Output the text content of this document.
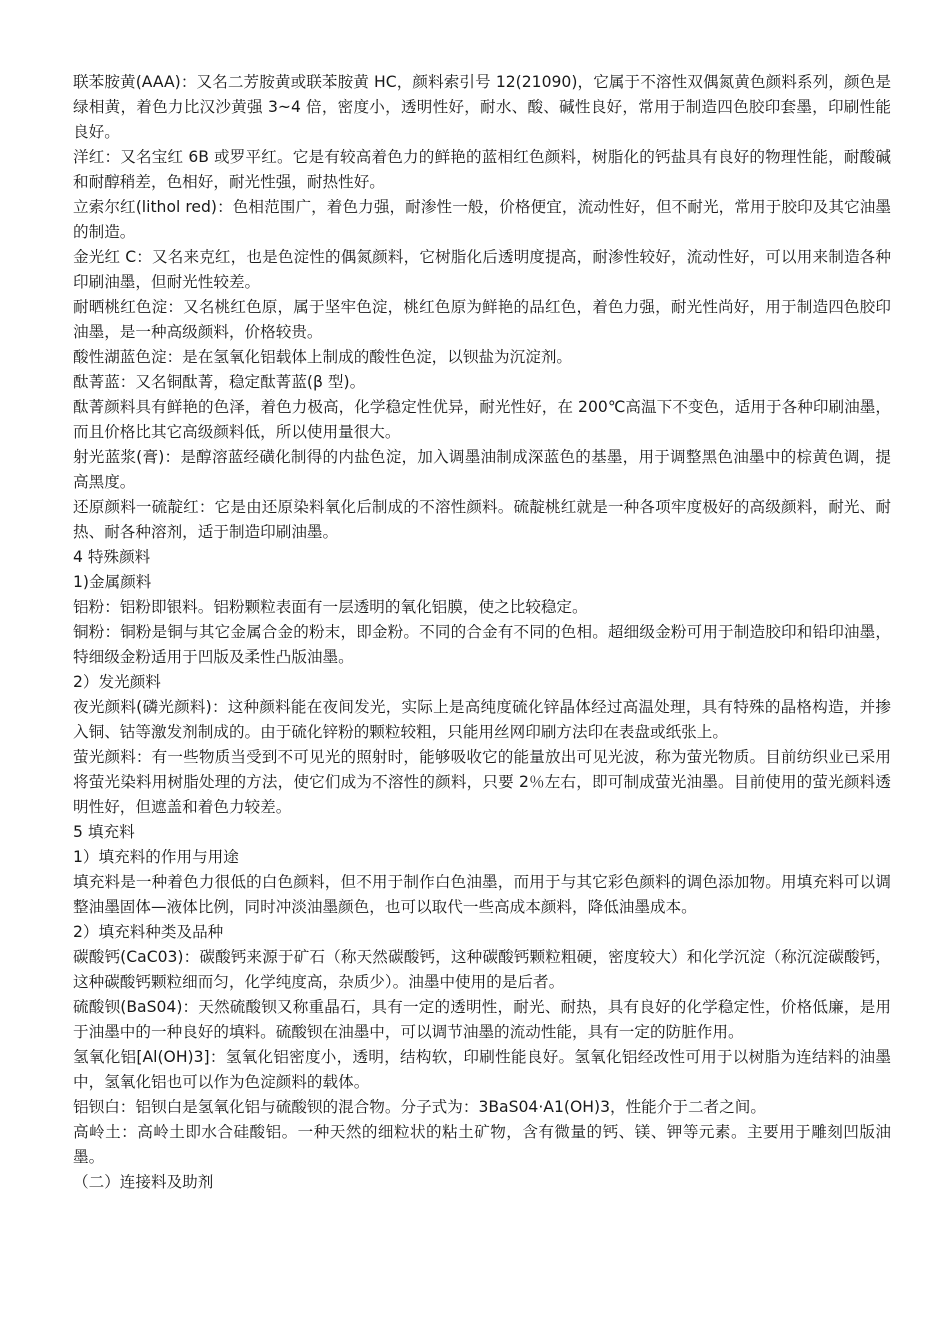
联苯胺黄(AAA)：又名二芳胺黄或联苯胺黄 HC，颜料索引号 12(21090)，它属于不溶性双偶氮黄色颜料系列，颜色是绿相黄，着色力比汉沙黄强 3~4 倍，密度小，透明性好，耐水、酸、碱性良好，常用于制造四色胶印套墨，印刷性能良好。

洋红：又名宝红 6B 或罗平红。它是有较高着色力的鲜艳的蓝相红色颜料，树脂化的钙盐具有良好的物理性能，耐酸碱和耐醇稍差，色相好，耐光性强，耐热性好。

立索尔红(lithol red)：色相范围广，着色力强，耐渗性一般，价格便宜，流动性好，但不耐光，常用于胶印及其它油墨的制造。

金光红 C：又名来克红，也是色淀性的偶氮颜料，它树脂化后透明度提高，耐渗性较好，流动性好，可以用来制造各种印刷油墨，但耐光性较差。

耐晒桃红色淀：又名桃红色原，属于坚牢色淀，桃红色原为鲜艳的品红色，着色力强，耐光性尚好，用于制造四色胶印油墨，是一种高级颜料，价格较贵。

酸性湖蓝色淀：是在氢氧化铝载体上制成的酸性色淀，以钡盐为沉淀剂。

酞菁蓝：又名铜酞菁，稳定酞菁蓝(β 型)。

酞菁颜料具有鲜艳的色泽，着色力极高，化学稳定性优异，耐光性好，在 200℃高温下不变色，适用于各种印刷油墨，而且价格比其它高级颜料低，所以使用量很大。

射光蓝浆(膏)：是醇溶蓝经磺化制得的内盐色淀，加入调墨油制成深蓝色的基墨，用于调整黑色油墨中的棕黄色调，提高黑度。

还原颜料一硫靛红：它是由还原染料氧化后制成的不溶性颜料。硫靛桃红就是一种各项牢度极好的高级颜料，耐光、耐热、耐各种溶剂，适于制造印刷油墨。

4 特殊颜料

1)金属颜料

铝粉：铝粉即银料。铝粉颗粒表面有一层透明的氧化铝膜，使之比较稳定。

铜粉：铜粉是铜与其它金属合金的粉末，即金粉。不同的合金有不同的色相。超细级金粉可用于制造胶印和铅印油墨，特细级金粉适用于凹版及柔性凸版油墨。

2）发光颜料

夜光颜料(磷光颜料)：这种颜料能在夜间发光，实际上是高纯度硫化锌晶体经过高温处理，具有特殊的晶格构造，并掺入铜、钴等激发剂制成的。由于硫化锌粉的颗粒较粗，只能用丝网印刷方法印在表盘或纸张上。

萤光颜料：有一些物质当受到不可见光的照射时，能够吸收它的能量放出可见光波，称为萤光物质。目前纺织业已采用将萤光染料用树脂处理的方法，使它们成为不溶性的颜料，只要 2％左右，即可制成萤光油墨。目前使用的萤光颜料透明性好，但遮盖和着色力较差。

5 填充料

1）填充料的作用与用途

填充料是一种着色力很低的白色颜料，但不用于制作白色油墨，而用于与其它彩色颜料的调色添加物。用填充料可以调整油墨固体—液体比例，同时冲淡油墨颜色，也可以取代一些高成本颜料，降低油墨成本。

2）填充料种类及品种

碳酸钙(CaC03)：碳酸钙来源于矿石（称天然碳酸钙，这种碳酸钙颗粒粗硬，密度较大）和化学沉淀（称沉淀碳酸钙，这种碳酸钙颗粒细而匀，化学纯度高，杂质少）。油墨中使用的是后者。

硫酸钡(BaS04)：天然硫酸钡又称重晶石，具有一定的透明性，耐光、耐热，具有良好的化学稳定性，价格低廉，是用于油墨中的一种良好的填料。硫酸钡在油墨中，可以调节油墨的流动性能，具有一定的防脏作用。

氢氧化铝[Al(OH)3]：氢氧化铝密度小，透明，结构软，印刷性能良好。氢氧化铝经改性可用于以树脂为连结料的油墨中，氢氧化铝也可以作为色淀颜料的载体。

铝钡白：铝钡白是氢氧化铝与硫酸钡的混合物。分子式为：3BaS04·A1(OH)3，性能介于二者之间。

高岭土：高岭土即水合硅酸铝。一种天然的细粒状的粘土矿物，含有微量的钙、镁、钾等元素。主要用于雕刻凹版油墨。

（二）连接料及助剂
